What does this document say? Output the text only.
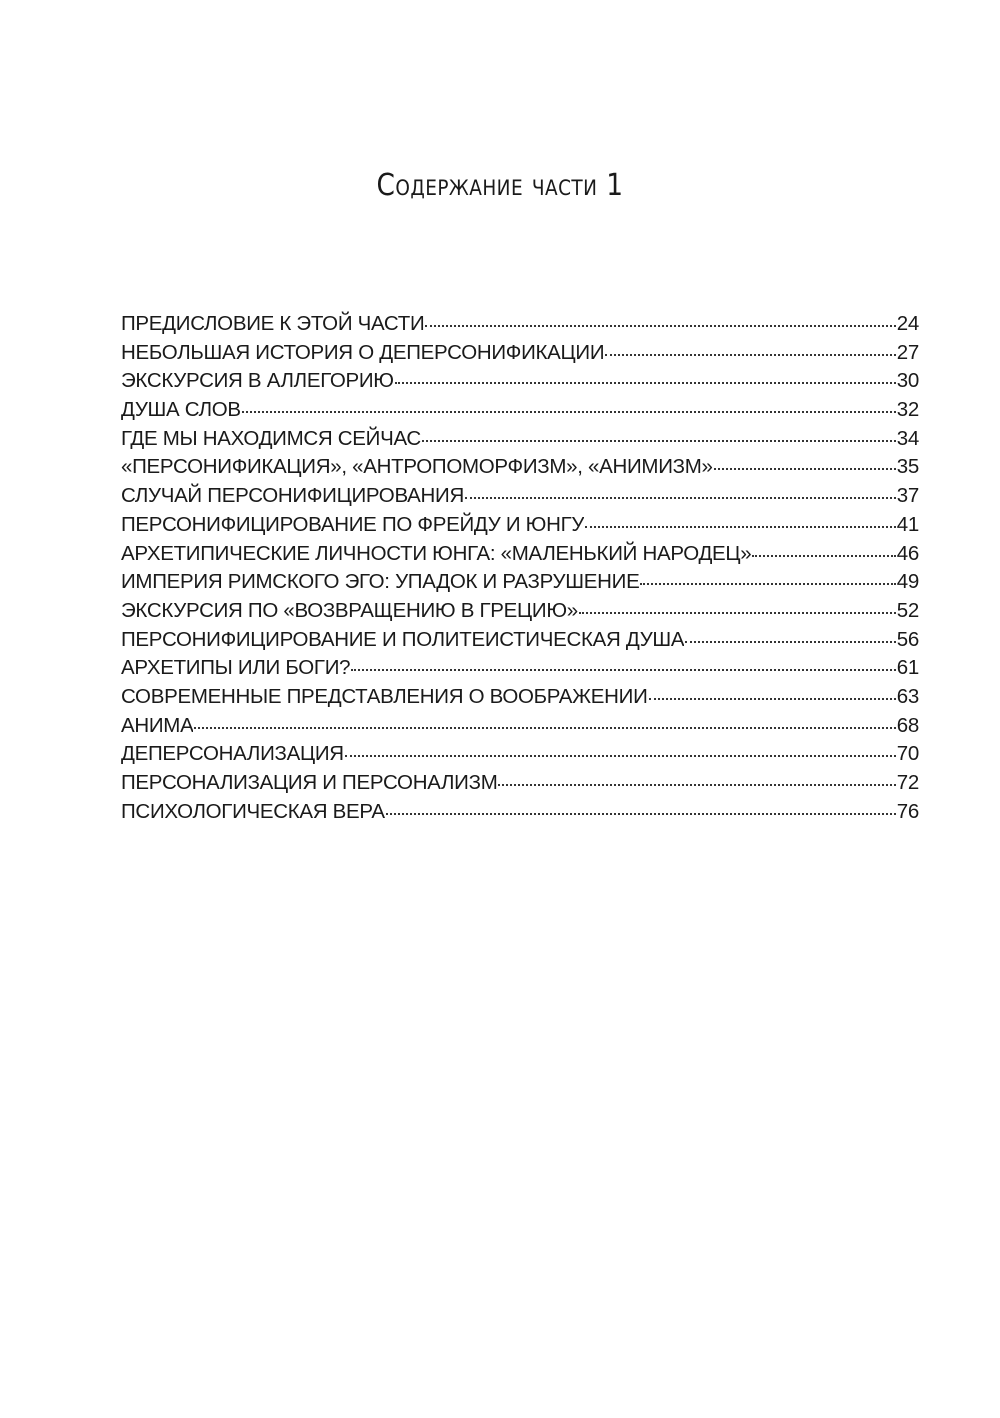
Содержание части 1
ПРЕДИСЛОВИЕ К ЭТОЙ ЧАСТИ	24
НЕБОЛЬШАЯ ИСТОРИЯ О ДЕПЕРСОНИФИКАЦИИ	27
ЭКСКУРСИЯ В АЛЛЕГОРИЮ	30
ДУША СЛОВ	32
ГДЕ МЫ НАХОДИМСЯ СЕЙЧАС	34
«ПЕРСОНИФИКАЦИЯ», «АНТРОПОМОРФИЗМ», «АНИМИЗМ»	35
СЛУЧАЙ ПЕРСОНИФИЦИРОВАНИЯ	37
ПЕРСОНИФИЦИРОВАНИЕ ПО ФРЕЙДУ И ЮНГУ	41
АРХЕТИПИЧЕСКИЕ ЛИЧНОСТИ ЮНГА: «МАЛЕНЬКИЙ НАРОДЕЦ»	46
ИМПЕРИЯ РИМСКОГО ЭГО: УПАДОК И РАЗРУШЕНИЕ	49
ЭКСКУРСИЯ ПО «ВОЗВРАЩЕНИЮ В ГРЕЦИЮ»	52
ПЕРСОНИФИЦИРОВАНИЕ И ПОЛИТЕИСТИЧЕСКАЯ ДУША	56
АРХЕТИПЫ ИЛИ БОГИ?	61
СОВРЕМЕННЫЕ ПРЕДСТАВЛЕНИЯ О ВООБРАЖЕНИИ	63
АНИМА	68
ДЕПЕРСОНАЛИЗАЦИЯ	70
ПЕРСОНАЛИЗАЦИЯ И ПЕРСОНАЛИЗМ	72
ПСИХОЛОГИЧЕСКАЯ ВЕРА	76
